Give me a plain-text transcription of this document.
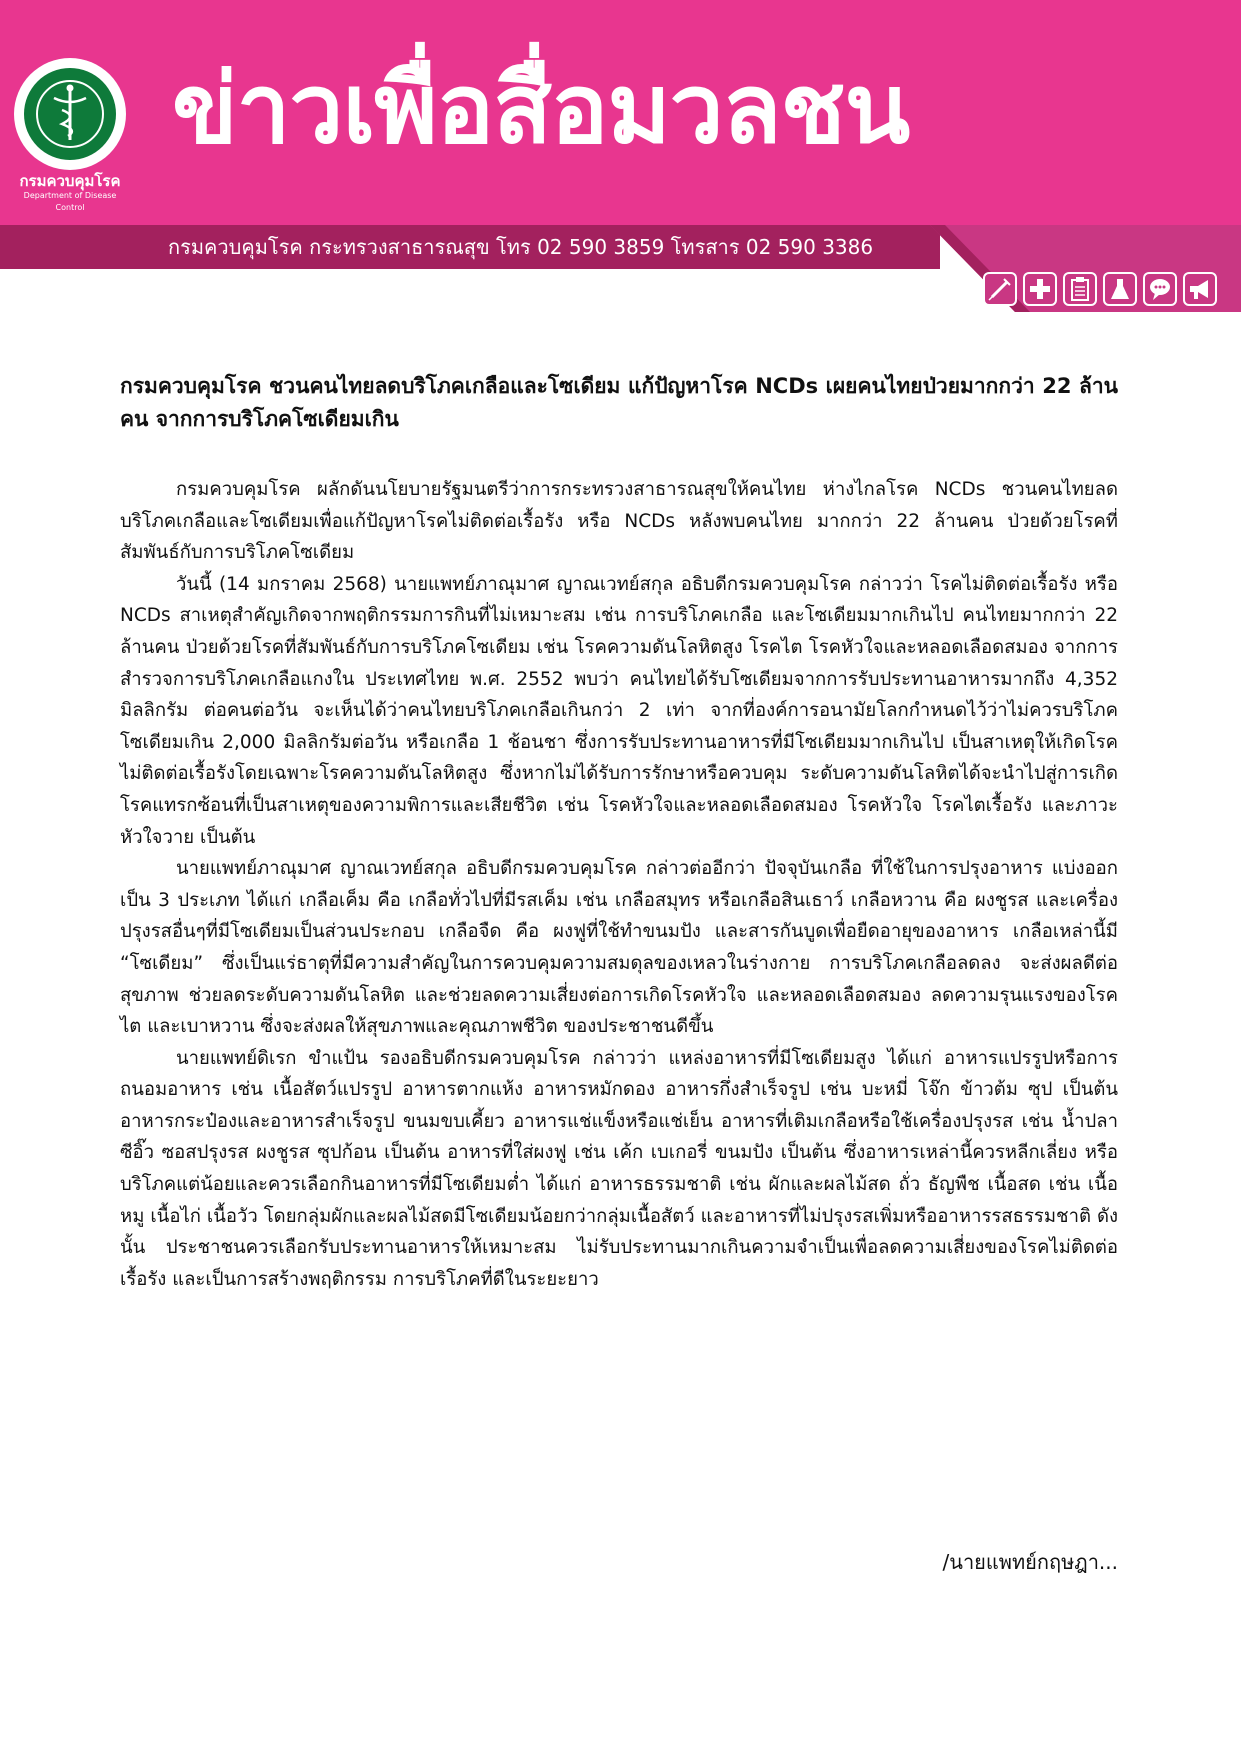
กรมควบคุมโรค
Department of Disease Control
ข่าวเพื่อสื่อมวลชน
กรมควบคุมโรค กระทรวงสาธารณสุข โทร 02 590 3859 โทรสาร 02 590 3386
กรมควบคุมโรค ชวนคนไทยลดบริโภคเกลือและโซเดียม แก้ปัญหาโรค NCDs เผยคนไทยป่วยมากกว่า 22 ล้านคน จากการบริโภคโซเดียมเกิน

กรมควบคุมโรค ผลักดันนโยบายรัฐมนตรีว่าการกระทรวงสาธารณสุขให้คนไทย ห่างไกลโรค NCDs ชวนคนไทยลดบริโภคเกลือและโซเดียมเพื่อแก้ปัญหาโรคไม่ติดต่อเรื้อรัง หรือ NCDs หลังพบคนไทย มากกว่า 22 ล้านคน ป่วยด้วยโรคที่สัมพันธ์กับการบริโภคโซเดียม

วันนี้ (14 มกราคม 2568) นายแพทย์ภาณุมาศ ญาณเวทย์สกุล อธิบดีกรมควบคุมโรค กล่าวว่า โรคไม่ติดต่อเรื้อรัง หรือ NCDs สาเหตุสำคัญเกิดจากพฤติกรรมการกินที่ไม่เหมาะสม เช่น การบริโภคเกลือ และโซเดียมมากเกินไป คนไทยมากกว่า 22 ล้านคน ป่วยด้วยโรคที่สัมพันธ์กับการบริโภคโซเดียม เช่น โรคความดันโลหิตสูง โรคไต โรคหัวใจและหลอดเลือดสมอง จากการสำรวจการบริโภคเกลือแกงใน ประเทศไทย พ.ศ. 2552 พบว่า คนไทยได้รับโซเดียมจากการรับประทานอาหารมากถึง 4,352 มิลลิกรัม ต่อคนต่อวัน จะเห็นได้ว่าคนไทยบริโภคเกลือเกินกว่า 2 เท่า จากที่องค์การอนามัยโลกกำหนดไว้ว่าไม่ควรบริโภค โซเดียมเกิน 2,000 มิลลิกรัมต่อวัน หรือเกลือ 1 ช้อนชา ซึ่งการรับประทานอาหารที่มีโซเดียมมากเกินไป เป็นสาเหตุให้เกิดโรคไม่ติดต่อเรื้อรังโดยเฉพาะโรคความดันโลหิตสูง ซึ่งหากไม่ได้รับการรักษาหรือควบคุม ระดับความดันโลหิตได้จะนำไปสู่การเกิดโรคแทรกซ้อนที่เป็นสาเหตุของความพิการและเสียชีวิต เช่น โรคหัวใจและหลอดเลือดสมอง โรคหัวใจ โรคไตเรื้อรัง และภาวะหัวใจวาย เป็นต้น

นายแพทย์ภาณุมาศ ญาณเวทย์สกุล อธิบดีกรมควบคุมโรค กล่าวต่ออีกว่า ปัจจุบันเกลือ ที่ใช้ในการปรุงอาหาร แบ่งออกเป็น 3 ประเภท ได้แก่ เกลือเค็ม คือ เกลือทั่วไปที่มีรสเค็ม เช่น เกลือสมุทร หรือเกลือสินเธาว์ เกลือหวาน คือ ผงชูรส และเครื่องปรุงรสอื่นๆที่มีโซเดียมเป็นส่วนประกอบ เกลือจืด คือ ผงฟูที่ใช้ทำขนมปัง และสารกันบูดเพื่อยืดอายุของอาหาร เกลือเหล่านี้มี “โซเดียม” ซึ่งเป็นแร่ธาตุที่มีความสำคัญในการควบคุมความสมดุลของเหลวในร่างกาย การบริโภคเกลือลดลง จะส่งผลดีต่อสุขภาพ ช่วยลดระดับความดันโลหิต และช่วยลดความเสี่ยงต่อการเกิดโรคหัวใจ และหลอดเลือดสมอง ลดความรุนแรงของโรคไต และเบาหวาน ซึ่งจะส่งผลให้สุขภาพและคุณภาพชีวิต ของประชาชนดีขึ้น

นายแพทย์ดิเรก ขำแป้น รองอธิบดีกรมควบคุมโรค กล่าวว่า แหล่งอาหารที่มีโซเดียมสูง ได้แก่ อาหารแปรรูปหรือการถนอมอาหาร เช่น เนื้อสัตว์แปรรูป อาหารตากแห้ง อาหารหมักดอง อาหารกึ่งสำเร็จรูป เช่น บะหมี่ โจ๊ก ข้าวต้ม ซุป เป็นต้น อาหารกระป๋องและอาหารสำเร็จรูป ขนมขบเคี้ยว อาหารแช่แข็งหรือแช่เย็น อาหารที่เติมเกลือหรือใช้เครื่องปรุงรส เช่น น้ำปลา ซีอิ๊ว ซอสปรุงรส ผงชูรส ซุปก้อน เป็นต้น อาหารที่ใส่ผงฟู เช่น เค้ก เบเกอรี่ ขนมปัง เป็นต้น ซึ่งอาหารเหล่านี้ควรหลีกเลี่ยง หรือบริโภคแต่น้อยและควรเลือกกินอาหารที่มีโซเดียมต่ำ ได้แก่ อาหารธรรมชาติ เช่น ผักและผลไม้สด ถั่ว ธัญพืช เนื้อสด เช่น เนื้อหมู เนื้อไก่ เนื้อวัว โดยกลุ่มผักและผลไม้สดมีโซเดียมน้อยกว่ากลุ่มเนื้อสัตว์ และอาหารที่ไม่ปรุงรสเพิ่มหรืออาหารรสธรรมชาติ ดังนั้น ประชาชนควรเลือกรับประทานอาหารให้เหมาะสม ไม่รับประทานมากเกินความจำเป็นเพื่อลดความเสี่ยงของโรคไม่ติดต่อเรื้อรัง และเป็นการสร้างพฤติกรรม การบริโภคที่ดีในระยะยาว

/นายแพทย์กฤษฎา...
